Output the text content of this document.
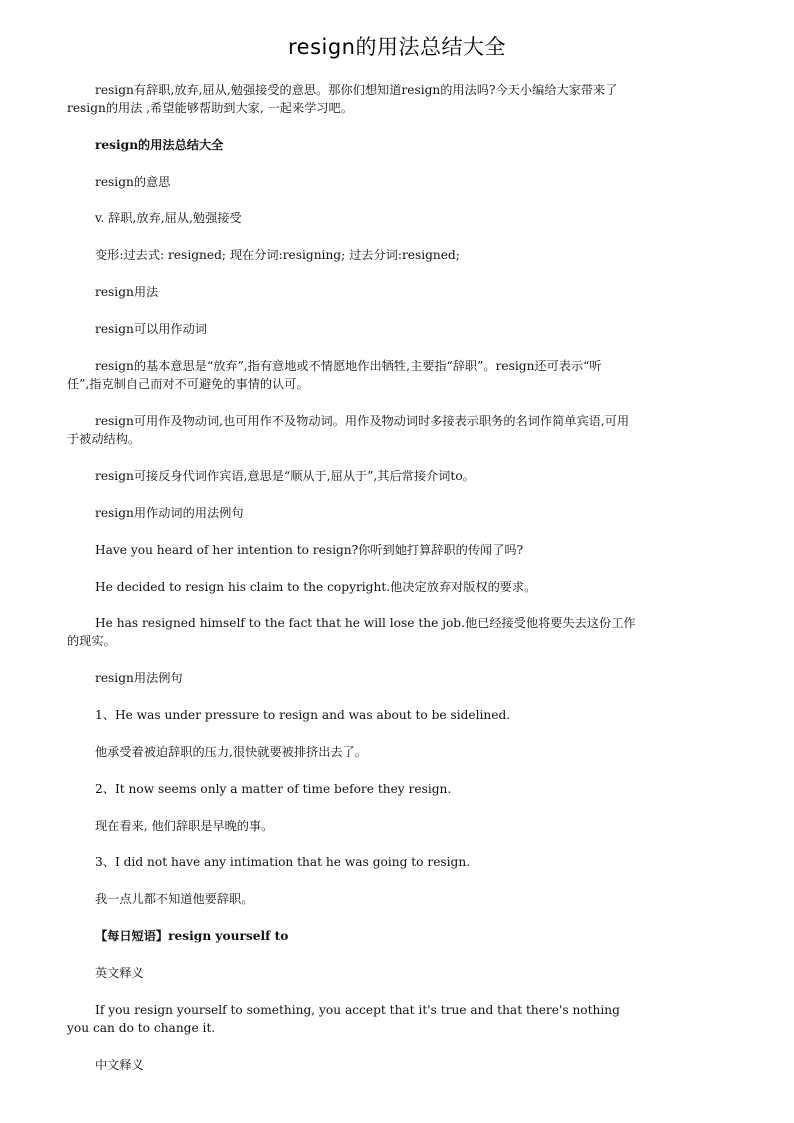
resign的用法总结大全
resign有辞职,放弃,屈从,勉强接受的意思。那你们想知道resign的用法吗?今天小编给大家带来了
resign的用法 ,希望能够帮助到大家, 一起来学习吧。
resign的用法总结大全
resign的意思
v. 辞职,放弃,屈从,勉强接受
变形:过去式: resigned; 现在分词:resigning; 过去分词:resigned;
resign用法
resign可以用作动词
resign的基本意思是“放弃”,指有意地或不情愿地作出牺牲,主要指“辞职”。resign还可表示“听
任”,指克制自己而对不可避免的事情的认可。
resign可用作及物动词,也可用作不及物动词。用作及物动词时多接表示职务的名词作简单宾语,可用
于被动结构。
resign可接反身代词作宾语,意思是“顺从于,屈从于”,其后常接介词to。
resign用作动词的用法例句
Have you heard of her intention to resign?你听到她打算辞职的传闻了吗?
He decided to resign his claim to the copyright.他决定放弃对版权的要求。
He has resigned himself to the fact that he will lose the job.他已经接受他将要失去这份工作
的现实。
resign用法例句
1、He was under pressure to resign and was about to be sidelined.
他承受着被迫辞职的压力,很快就要被排挤出去了。
2、It now seems only a matter of time before they resign.
现在看来, 他们辞职是早晚的事。
3、I did not have any intimation that he was going to resign.
我一点儿都不知道他要辞职。
【每日短语】resign yourself to
英文释义
If you resign yourself to something, you accept that it's true and that there's nothing
you can do to change it.
中文释义
